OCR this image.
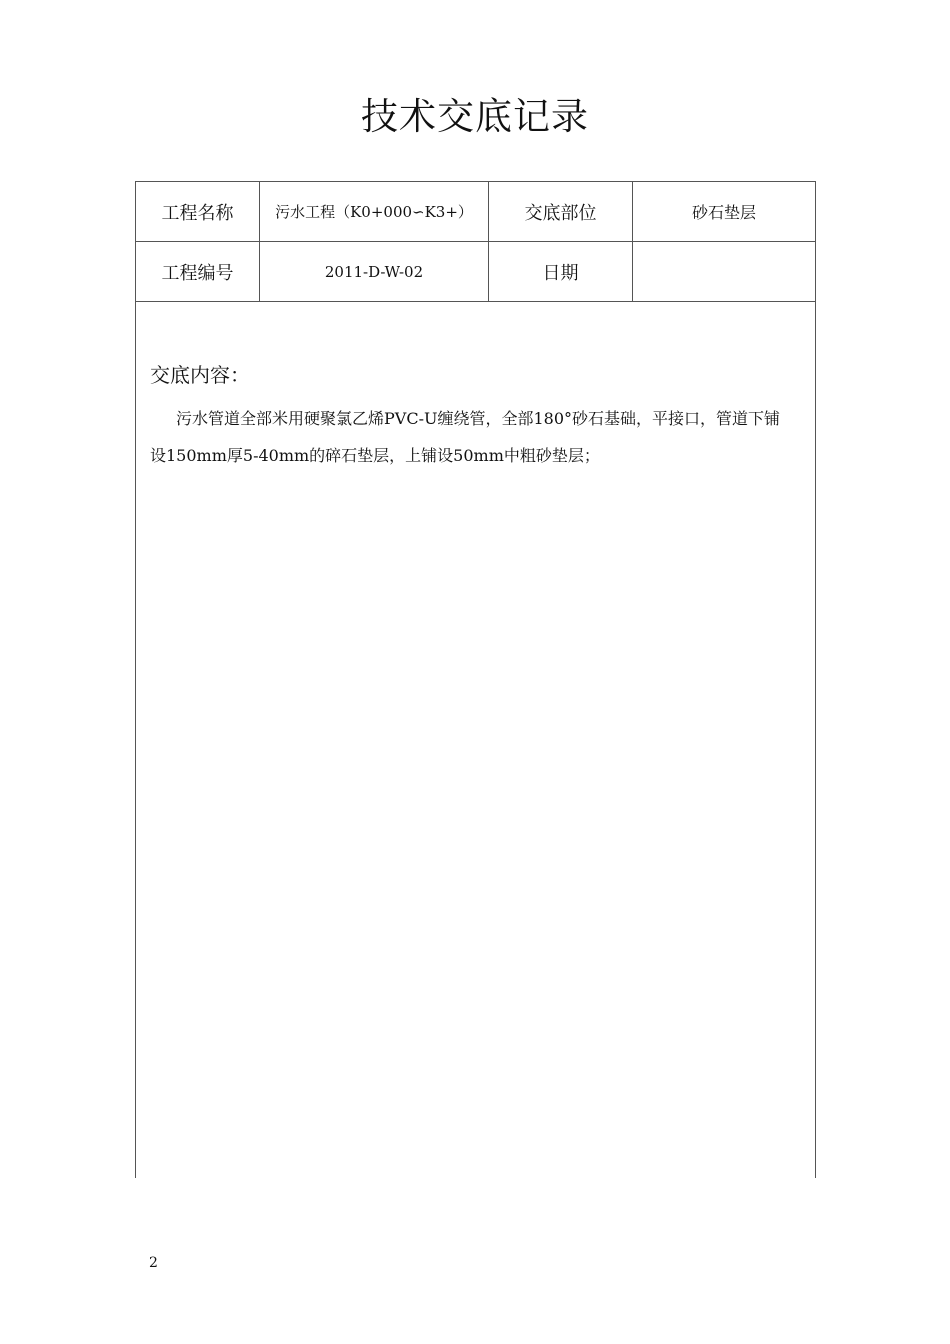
技术交底记录
工程名称	污水工程（K0+000∽K3+）	交底部位	砂石垫层
工程编号	2011-D-W-02	日期
交底内容：
污水管道全部米用硬聚氯乙烯PVC-U缠绕管，全部180°砂石基础，平接口，管道下铺设150mm厚5-40mm的碎石垫层，上铺设50mm中粗砂垫层；
2
